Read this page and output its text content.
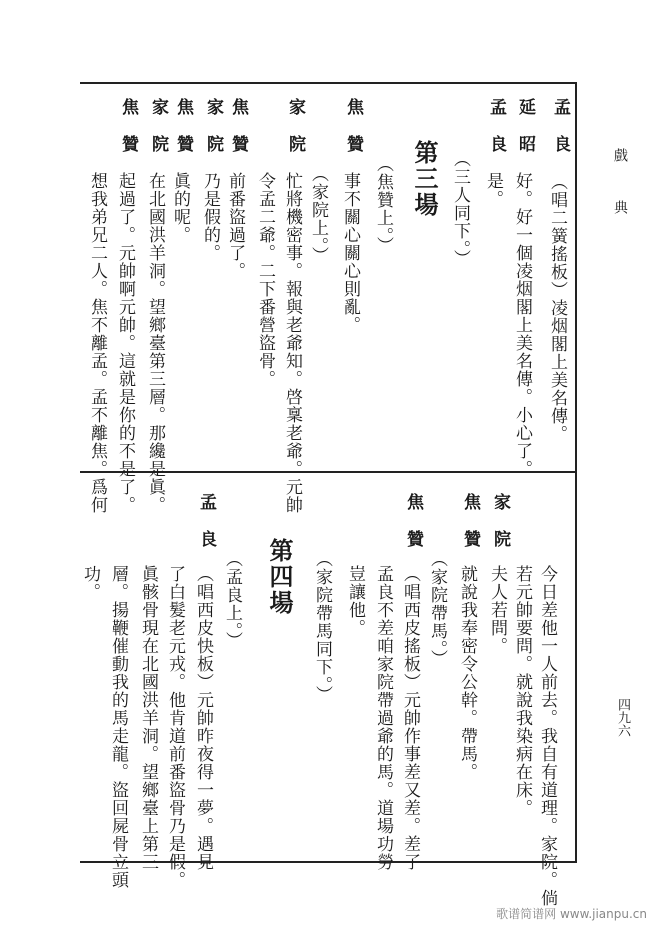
戲典
四九六
歌谱简谱网 www.jianpu.cn
孟良
（唱二簧搖板）凌烟閣上美名傳。
延昭
好。好一個凌烟閣上美名傳。小心了。
孟良
是。
（三人同下。）
第三場
（焦贊上。）
焦贊
事不關心關心則亂。
（家院上。）
家院
忙將機密事。報與老爺知。啓稟老爺。元帥
令孟二爺。二下番營盜骨。
焦贊
前番盜過了。
家院
乃是假的。
焦贊
眞的呢。
家院
在北國洪羊洞。望鄉臺第三層。那纔是眞。
焦贊
起過了。元帥啊元帥。這就是你的不是了。
想我弟兄二人。焦不離孟。孟不離焦。爲何
今日差他一人前去。我自有道理。家院。倘
若元帥要問。就說我染病在床。
家院
夫人若問。
焦贊
就說我奉密令公幹。帶馬。
（家院帶馬。）
焦贊
（唱西皮搖板）元帥作事差又差。差了
孟良不差咱家院帶過爺的馬。道場功勞
豈讓他。
（家院帶馬同下。）
第四場
（孟良上。）
孟良
（唱西皮快板）元帥昨夜得一夢。遇見
了白髮老元戎。他肯道前番盜骨乃是假。
眞骸骨現在北國洪羊洞。望鄉臺上第三
層。揚鞭催動我的馬走龍。盜回屍骨立頭
功。
